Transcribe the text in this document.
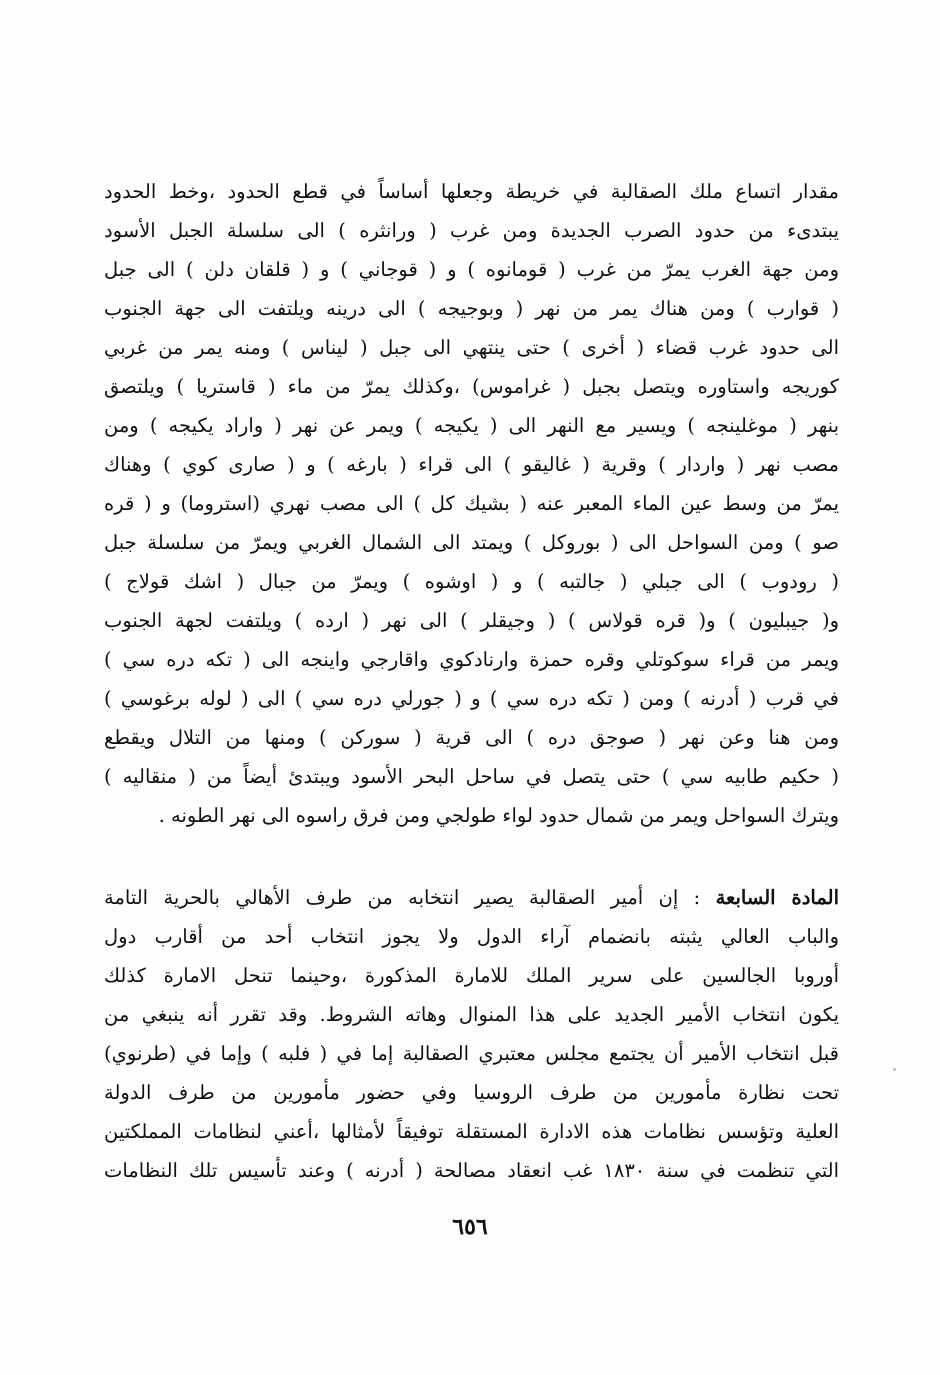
مقدار اتساع ملك الصقالبة في خريطة وجعلها أساساً في قطع الحدود ،وخط الحدود
يبتدىء من حدود الصرب الجديدة ومن غرب ( ورانثره ) الى سلسلة الجبل الأسود
ومن جهة الغرب يمرّ من غرب ( قومانوه ) و ( قوجاني ) و ( قلقان دلن ) الى جبل
( قوارب ) ومن هناك يمر من نهر ( وبوجيجه ) الى درينه ويلتفت الى جهة الجنوب
الى حدود غرب قضاء ( أخرى ) حتى ينتهي الى جبل ( ليناس ) ومنه يمر من غربي
كوريجه واستاوره ويتصل بجبل ( غراموس) ،وكذلك يمرّ من ماء ( قاستريا ) ويلتصق
بنهر ( موغلينجه ) ويسير مع النهر الى ( يكيجه ) ويمر عن نهر ( واراد يكيجه ) ومن
مصب نهر ( واردار ) وقرية ( غاليقو ) الى قراء ( بارغه ) و ( صارى كوي ) وهناك
يمرّ من وسط عين الماء المعبر عنه ( بشيك كل ) الى مصب نهري (استروما) و ( قره
صو ) ومن السواحل الى ( بوروكل ) ويمتد الى الشمال الغربي ويمرّ من سلسلة جبل
( رودوب ) الى جبلي ( جالتبه ) و ( اوشوه ) ويمرّ من جبال ( اشك قولاج )
و( جيبليون ) و( قره قولاس ) ( وجيقلر ) الى نهر ( ارده ) ويلتفت لجهة الجنوب
ويمر من قراء سوكوتلي وقره حمزة وارنادكوي واقارجي واينجه الى ( تكه دره سي )
في قرب ( أدرنه ) ومن ( تكه دره سي ) و ( جورلي دره سي ) الى ( لوله برغوسي )
ومن هنا وعن نهر ( صوجق دره ) الى قرية ( سوركن ) ومنها من التلال ويقطع
( حكيم طابيه سي ) حتى يتصل في ساحل البحر الأسود ويبتدئ أيضاً من ( منقاليه )
ويترك السواحل ويمر من شمال حدود لواء طولجي ومن فرق راسوه الى نهر الطونه .
المادة السابعة : إن أمير الصقالبة يصير انتخابه من طرف الأهالي بالحرية التامة
والباب العالي يثبته بانضمام آراء الدول ولا يجوز انتخاب أحد من أقارب دول
أوروبا الجالسين على سرير الملك للامارة المذكورة ،وحينما تنحل الامارة كذلك
يكون انتخاب الأمير الجديد على هذا المنوال وهاته الشروط. وقد تقرر أنه ينبغي من
قبل انتخاب الأمير أن يجتمع مجلس معتبري الصقالبة إما في ( فلبه ) وإما في (طرنوي)
تحت نظارة مأمورين من طرف الروسيا وفي حضور مأمورين من طرف الدولة
العلية وتؤسس نظامات هذه الادارة المستقلة توفيقاً لأمثالها ،أعني لنظامات المملكتين
التي تنظمت في سنة ١٨٣٠ غب انعقاد مصالحة ( أدرنه ) وعند تأسيس تلك النظامات
٦٥٦
